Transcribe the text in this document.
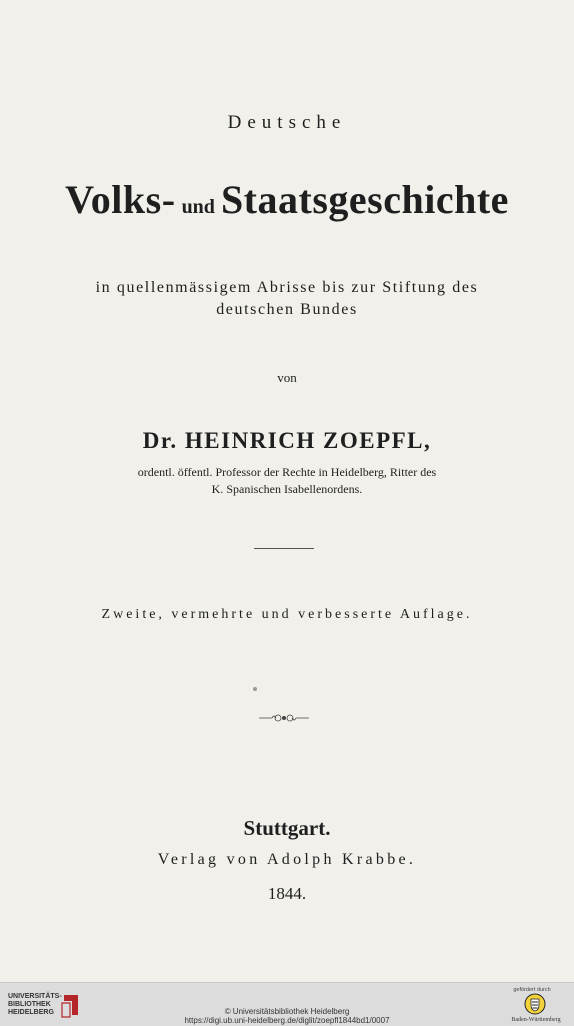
Deutsche
Volks- und Staatsgeschichte
in quellenmässigem Abrisse bis zur Stiftung des
deutschen Bundes
von
Dr. HEINRICH ZOEPFL,
ordentl. öffentl. Professor der Rechte in Heidelberg, Ritter des
K. Spanischen Isabellenordens.
Zweite, vermehrte und verbesserte Auflage.
Stuttgart.
Verlag von Adolph Krabbe.
1844.
UNIVERSITÄTS-
BIBLIOTHEK
HEIDELBERG	© Universitätsbibliothek Heidelberg
https://digi.ub.uni-heidelberg.de/diglit/zoepfl1844bd1/0007
gefördert durch
Baden-Württemberg
